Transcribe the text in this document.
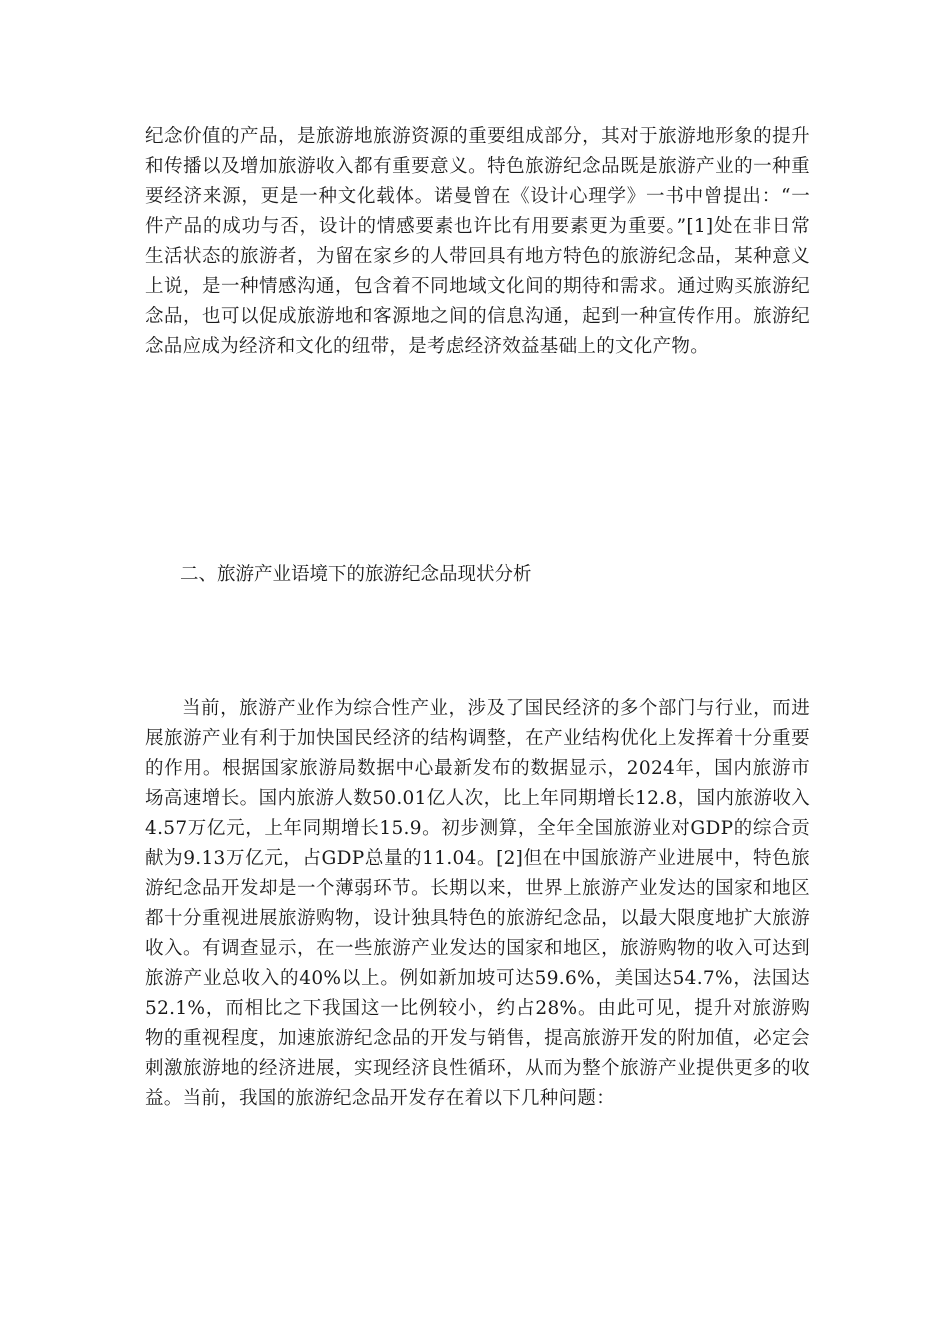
纪念价值的产品，是旅游地旅游资源的重要组成部分，其对于旅游地形象的提升和传播以及增加旅游收入都有重要意义。特色旅游纪念品既是旅游产业的一种重要经济来源，更是一种文化载体。诺曼曾在《设计心理学》一书中曾提出：“一件产品的成功与否，设计的情感要素也许比有用要素更为重要。”[1]处在非日常生活状态的旅游者，为留在家乡的人带回具有地方特色的旅游纪念品，某种意义上说，是一种情感沟通，包含着不同地域文化间的期待和需求。通过购买旅游纪念品，也可以促成旅游地和客源地之间的信息沟通，起到一种宣传作用。旅游纪念品应成为经济和文化的纽带，是考虑经济效益基础上的文化产物。

二、旅游产业语境下的旅游纪念品现状分析

当前，旅游产业作为综合性产业，涉及了国民经济的多个部门与行业，而进展旅游产业有利于加快国民经济的结构调整，在产业结构优化上发挥着十分重要的作用。根据国家旅游局数据中心最新发布的数据显示，2024年，国内旅游市场高速增长。国内旅游人数50.01亿人次，比上年同期增长12.8，国内旅游收入4.57万亿元，上年同期增长15.9。初步测算，全年全国旅游业对GDP的综合贡献为9.13万亿元，占GDP总量的11.04。[2]但在中国旅游产业进展中，特色旅游纪念品开发却是一个薄弱环节。长期以来，世界上旅游产业发达的国家和地区都十分重视进展旅游购物，设计独具特色的旅游纪念品，以最大限度地扩大旅游收入。有调查显示，在一些旅游产业发达的国家和地区，旅游购物的收入可达到旅游产业总收入的40%以上。例如新加坡可达59.6%，美国达54.7%，法国达52.1%，而相比之下我国这一比例较小，约占28%。由此可见，提升对旅游购物的重视程度，加速旅游纪念品的开发与销售，提高旅游开发的附加值，必定会刺激旅游地的经济进展，实现经济良性循环，从而为整个旅游产业提供更多的收益。当前，我国的旅游纪念品开发存在着以下几种问题：
